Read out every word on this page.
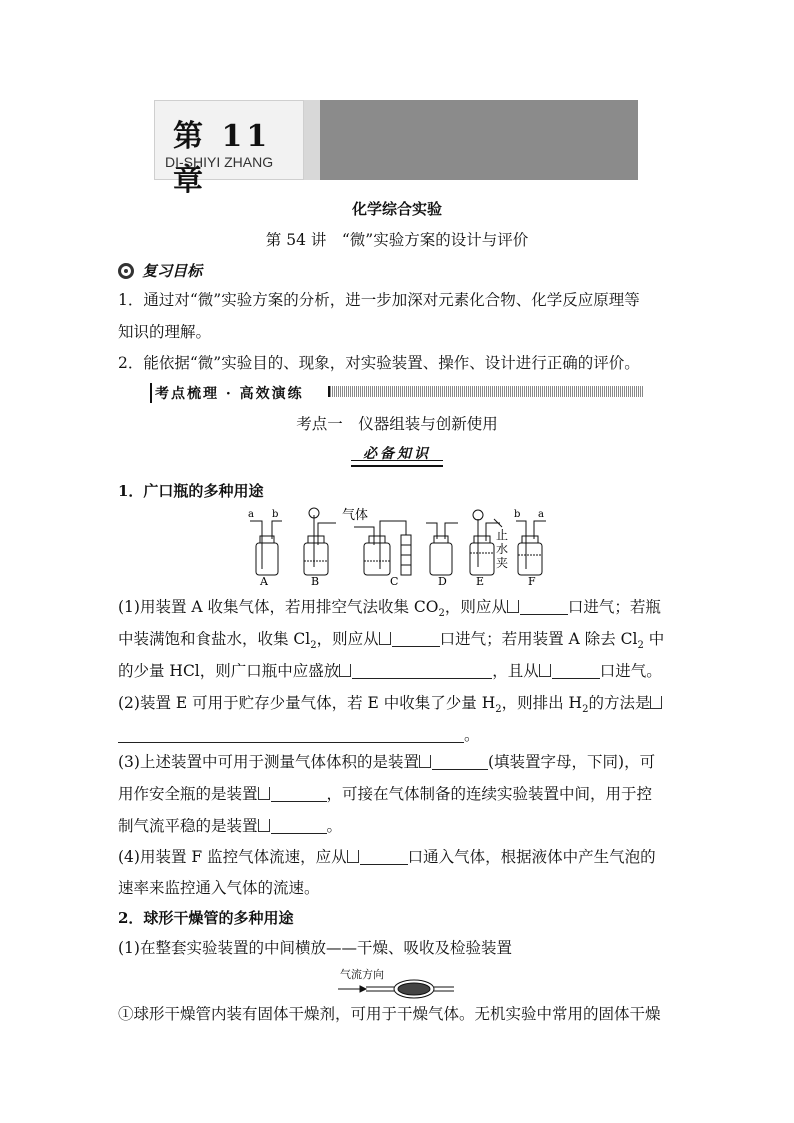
第 11 章
DI-SHIYI ZHANG
化学综合实验
第 54 讲　“微”实验方案的设计与评价
复习目标
1．通过对“微”实验方案的分析，进一步加深对元素化合物、化学反应原理等
知识的理解。
2．能依据“微”实验目的、现象，对实验装置、操作、设计进行正确的评价。
考点梳理 · 高效演练
考点一　仪器组装与创新使用
必备知识
1．广口瓶的多种用途
a b	气体	b a
止
水
夹
A	B	C	D	E	F
(1)用装置 A 收集气体，若用排空气法收集 $CO_2$，则应从	口进气；若瓶
中装满饱和食盐水，收集 $Cl_2$，则应从	口进气；若用装置 A 除去 $Cl_2$ 中
的少量 HCl，则广口瓶中应盛放	，且从	口进气。
(2)装置 E 可用于贮存少量气体，若 E 中收集了少量 $H_2$，则排出 $H_2$的方法是
。
(3)上述装置中可用于测量气体体积的是装置	(填装置字母，下同)，可
用作安全瓶的是装置	，可接在气体制备的连续实验装置中间，用于控
制气流平稳的是装置	。
(4)用装置 F 监控气体流速，应从	口通入气体，根据液体中产生气泡的
速率来监控通入气体的流速。
2．球形干燥管的多种用途
(1)在整套实验装置的中间横放——干燥、吸收及检验装置
气流方向
①球形干燥管内装有固体干燥剂，可用于干燥气体。无机实验中常用的固体干燥
